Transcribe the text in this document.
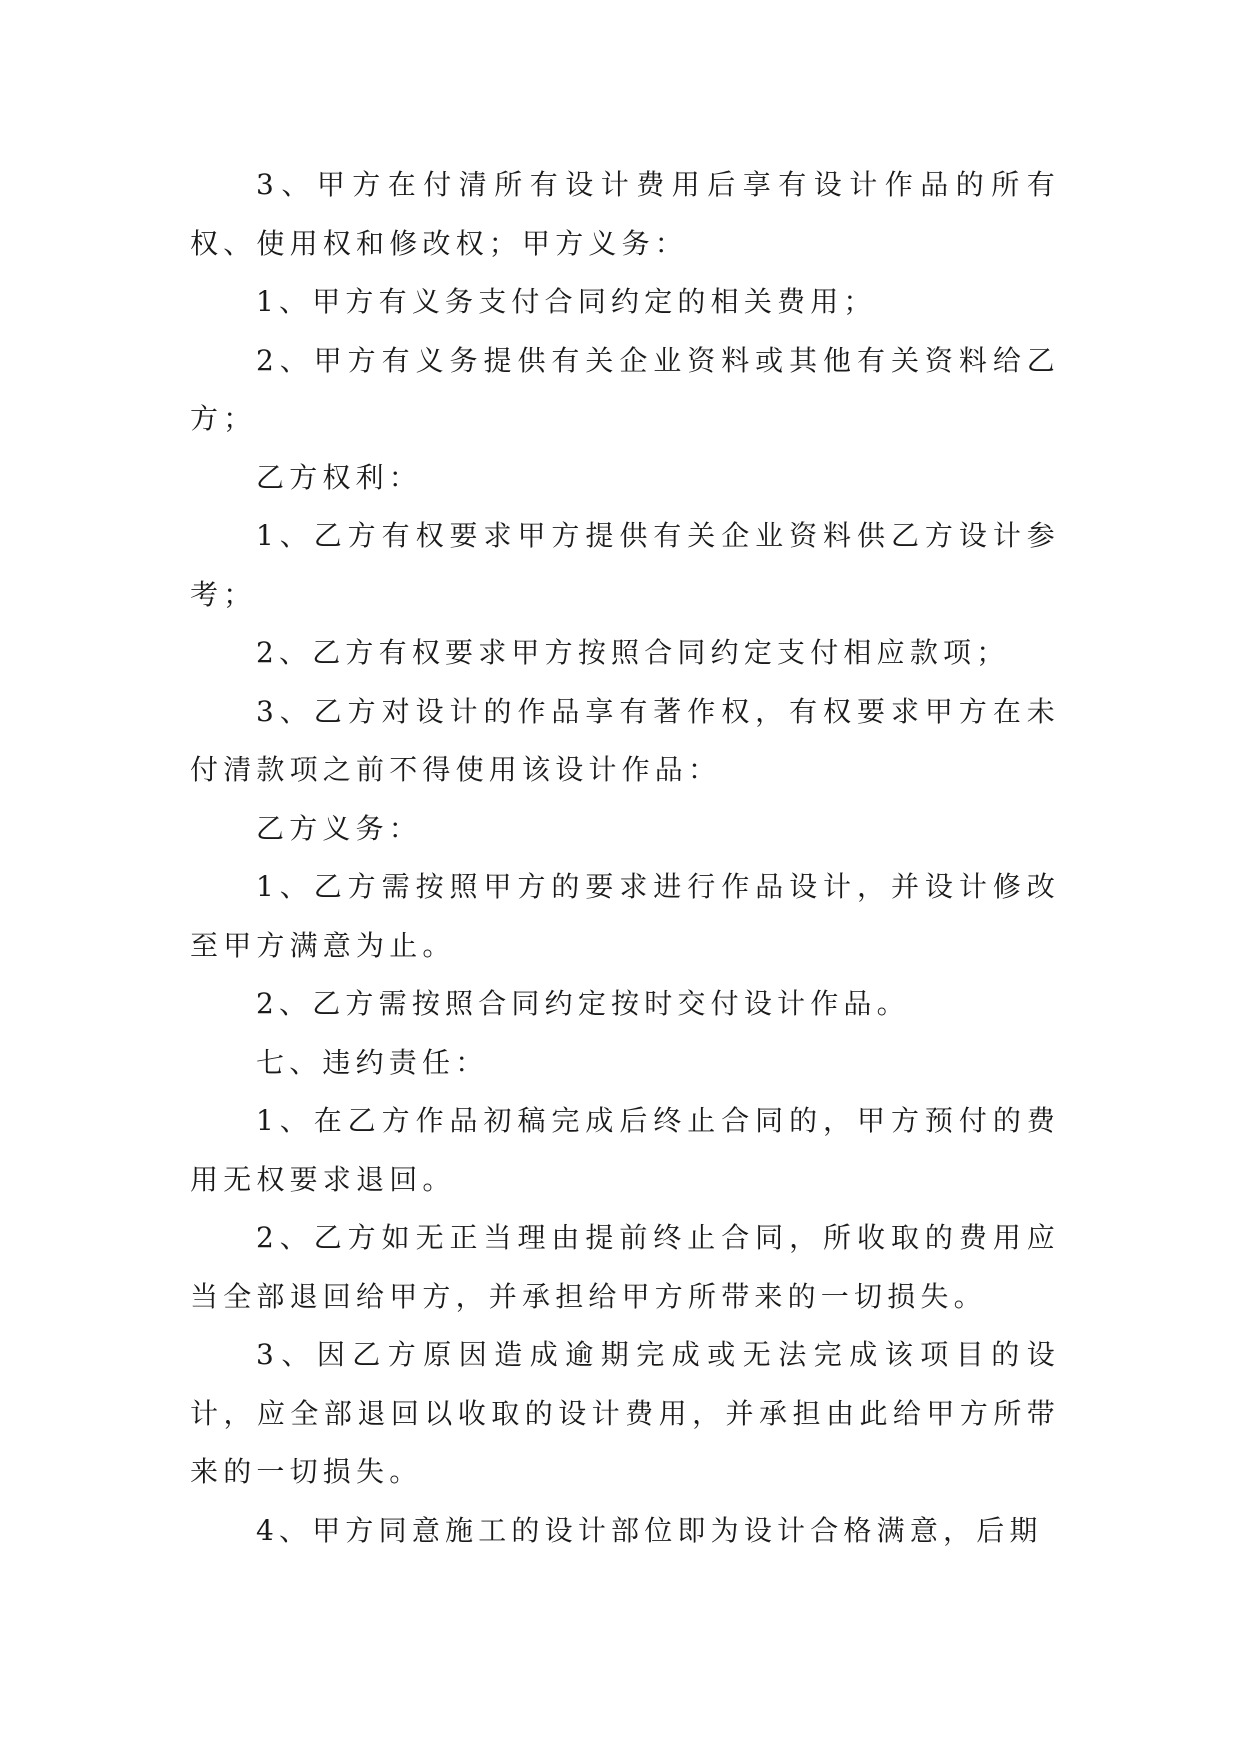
3、甲方在付清所有设计费用后享有设计作品的所有权、使用权和修改权；甲方义务：

1、甲方有义务支付合同约定的相关费用；

2、甲方有义务提供有关企业资料或其他有关资料给乙方；

乙方权利：

1、乙方有权要求甲方提供有关企业资料供乙方设计参考；

2、乙方有权要求甲方按照合同约定支付相应款项；

3、乙方对设计的作品享有著作权，有权要求甲方在未付清款项之前不得使用该设计作品：

乙方义务：

1、乙方需按照甲方的要求进行作品设计，并设计修改至甲方满意为止。

2、乙方需按照合同约定按时交付设计作品。

七、违约责任：

1、在乙方作品初稿完成后终止合同的，甲方预付的费用无权要求退回。

2、乙方如无正当理由提前终止合同，所收取的费用应当全部退回给甲方，并承担给甲方所带来的一切损失。

3、因乙方原因造成逾期完成或无法完成该项目的设计，应全部退回以收取的设计费用，并承担由此给甲方所带来的一切损失。

4、甲方同意施工的设计部位即为设计合格满意，后期
